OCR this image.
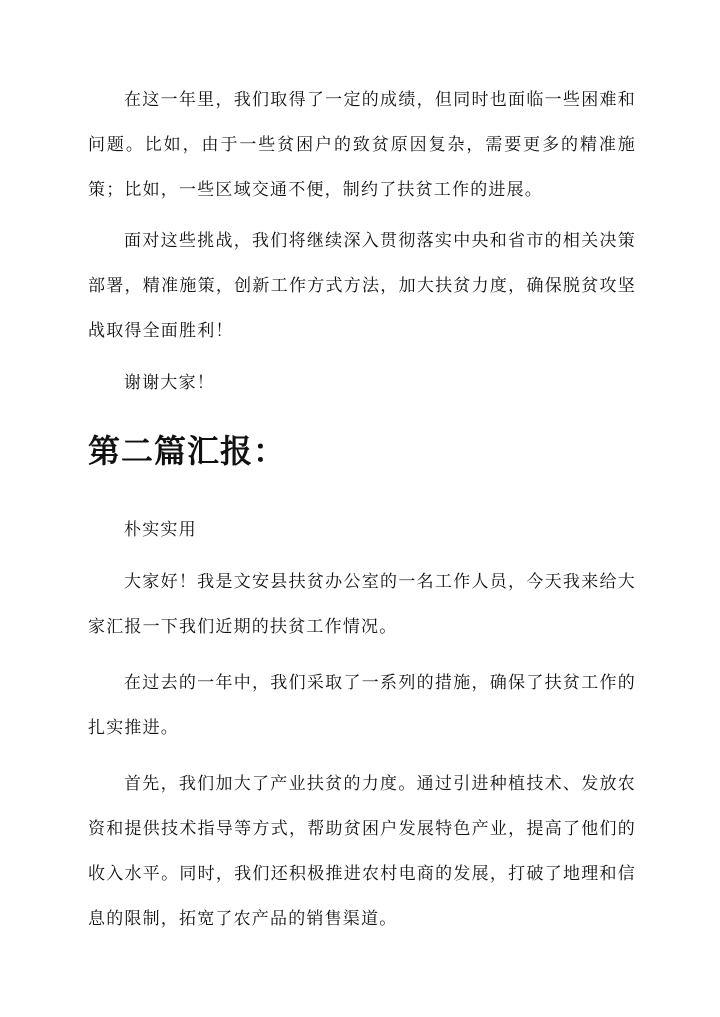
在这一年里，我们取得了一定的成绩，但同时也面临一些困难和问题。比如，由于一些贫困户的致贫原因复杂，需要更多的精准施策；比如，一些区域交通不便，制约了扶贫工作的进展。

面对这些挑战，我们将继续深入贯彻落实中央和省市的相关决策部署，精准施策，创新工作方式方法，加大扶贫力度，确保脱贫攻坚战取得全面胜利！

谢谢大家！

第二篇汇报：

朴实实用

大家好！我是文安县扶贫办公室的一名工作人员，今天我来给大家汇报一下我们近期的扶贫工作情况。

在过去的一年中，我们采取了一系列的措施，确保了扶贫工作的扎实推进。

首先，我们加大了产业扶贫的力度。通过引进种植技术、发放农资和提供技术指导等方式，帮助贫困户发展特色产业，提高了他们的收入水平。同时，我们还积极推进农村电商的发展，打破了地理和信息的限制，拓宽了农产品的销售渠道。
